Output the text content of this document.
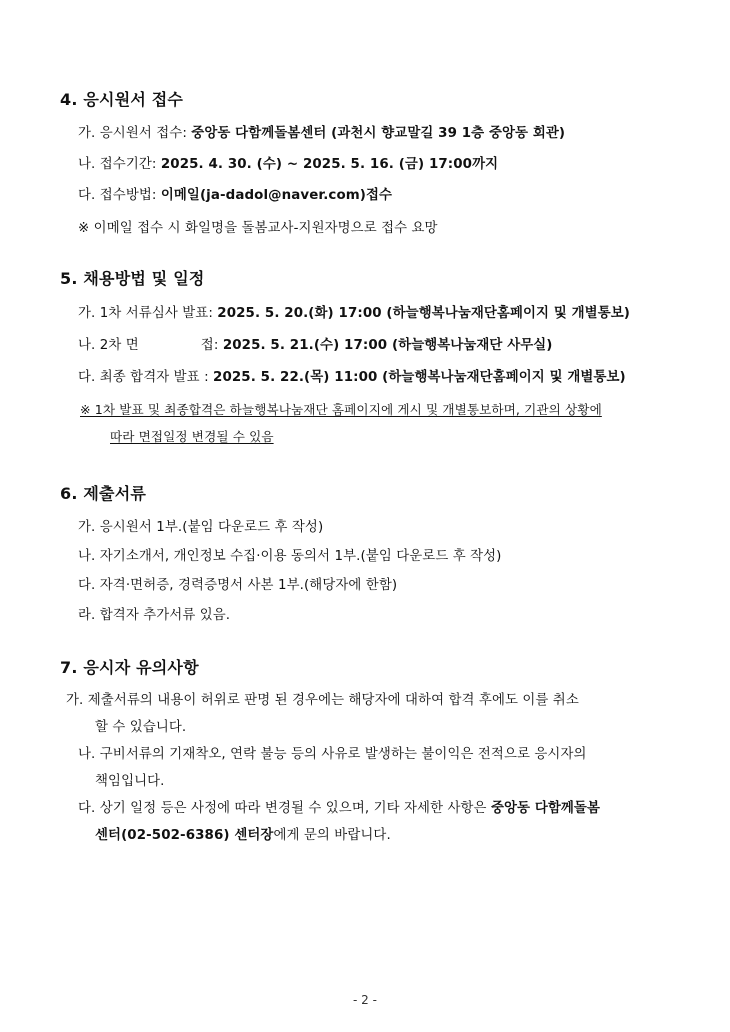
4. 응시원서 접수
가. 응시원서 접수: 중앙동 다함께돌봄센터 (과천시 향교말길 39 1층 중앙동 회관)
나. 접수기간: 2025. 4. 30. (수) ~ 2025. 5. 16. (금) 17:00까지
다. 접수방법: 이메일(ja-dadol@naver.com)접수
※ 이메일 접수 시 화일명을 돌봄교사-지원자명으로 접수 요망
5. 채용방법 및 일정
가. 1차 서류심사 발표: 2025. 5. 20.(화) 17:00 (하늘행복나눔재단홈페이지 및 개별통보)
나. 2차 면	접: 2025. 5. 21.(수) 17:00 (하늘행복나눔재단 사무실)
다. 최종 합격자 발표 : 2025. 5. 22.(목) 11:00 (하늘행복나눔재단홈페이지 및 개별통보)
※ 1차 발표 및 최종합격은 하늘행복나눔재단 홈페이지에 게시 및 개별통보하며, 기관의 상황에
따라 면접일정 변경될 수 있음
6. 제출서류
가. 응시원서 1부.(붙임 다운로드 후 작성)
나. 자기소개서, 개인정보 수집·이용 동의서 1부.(붙임 다운로드 후 작성)
다. 자격·면허증, 경력증명서 사본 1부.(해당자에 한함)
라. 합격자 추가서류 있음.
7. 응시자 유의사항
가. 제출서류의 내용이 허위로 판명 된 경우에는 해당자에 대하여 합격 후에도 이를 취소
할 수 있습니다.
나. 구비서류의 기재착오, 연락 불능 등의 사유로 발생하는 불이익은 전적으로 응시자의
책임입니다.
다. 상기 일정 등은 사정에 따라 변경될 수 있으며, 기타 자세한 사항은 중앙동 다함께돌봄
센터(02-502-6386) 센터장에게 문의 바랍니다.
- 2 -
